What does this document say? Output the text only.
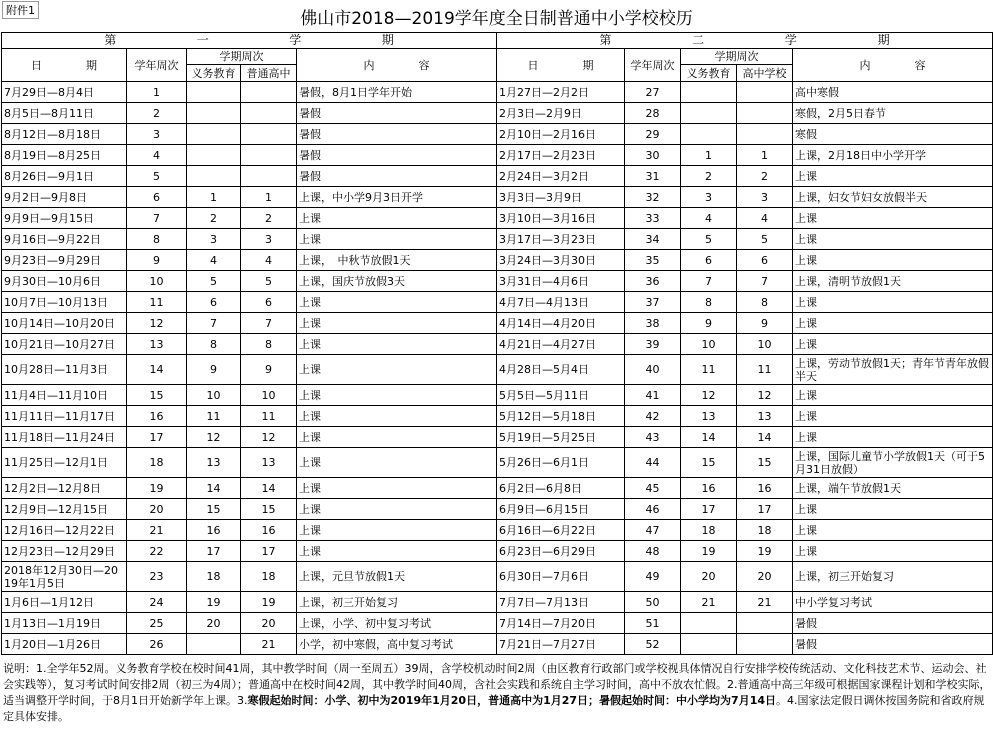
附件1	佛山市2018—2019学年度全日制普通中小学校校历
第 一 学 期					第 二 学 期				

日　　　　期	学年周次	学期周次		内　　　　容	日　　　　期	学年周次	学期周次		内　　　　容
		义务教育	普通高中				义务教育	高中学校	
7月29日—8月4日	1			暑假，8月1日学年开始	1月27日—2月2日	27			高中寒假
8月5日—8月11日	2			暑假	2月3日—2月9日	28			寒假，2月5日春节
8月12日—8月18日	3			暑假	2月10日—2月16日	29			寒假
8月19日—8月25日	4			暑假	2月17日—2月23日	30	1	1	上课，2月18日中小学开学
8月26日—9月1日	5			暑假	2月24日—3月2日	31	2	2	上课
9月2日—9月8日	6	1	1	上课，中小学9月3日开学	3月3日—3月9日	32	3	3	上课，妇女节妇女放假半天
9月9日—9月15日	7	2	2	上课	3月10日—3月16日	33	4	4	上课
9月16日—9月22日	8	3	3	上课	3月17日—3月23日	34	5	5	上课
9月23日—9月29日	9	4	4	上课，　中秋节放假1天	3月24日—3月30日	35	6	6	上课
9月30日—10月6日	10	5	5	上课，国庆节放假3天	3月31日—4月6日	36	7	7	上课，清明节放假1天
10月7日—10月13日	11	6	6	上课	4月7日—4月13日	37	8	8	上课
10月14日—10月20日	12	7	7	上课	4月14日—4月20日	38	9	9	上课
10月21日—10月27日	13	8	8	上课	4月21日—4月27日	39	10	10	上课
10月28日—11月3日	14	9	9	上课	4月28日—5月4日	40	11	11	上课，劳动节放假1天；青年节青年放假半天
11月4日—11月10日	15	10	10	上课	5月5日—5月11日	41	12	12	上课
11月11日—11月17日	16	11	11	上课	5月12日—5月18日	42	13	13	上课
11月18日—11月24日	17	12	12	上课	5月19日—5月25日	43	14	14	上课
11月25日—12月1日	18	13	13	上课	5月26日—6月1日	44	15	15	上课，国际儿童节小学放假1天（可于5月31日放假）
12月2日—12月8日	19	14	14	上课	6月2日—6月8日	45	16	16	上课，端午节放假1天
12月9日—12月15日	20	15	15	上课	6月9日—6月15日	46	17	17	上课
12月16日—12月22日	21	16	16	上课	6月16日—6月22日	47	18	18	上课
12月23日—12月29日	22	17	17	上课	6月23日—6月29日	48	19	19	上课
2018年12月30日—2019年1月5日	23	18	18	上课，元旦节放假1天	6月30日—7月6日	49	20	20	上课，初三开始复习
1月6日—1月12日	24	19	19	上课，初三开始复习	7月7日—7月13日	50	21	21	中小学复习考试
1月13日—1月19日	25	20	20	上课，小学、初中复习考试	7月14日—7月20日	51			暑假
1月20日—1月26日	26		21	小学，初中寒假，高中复习考试	7月21日—7月27日	52			暑假
说明：1.全学年52周。义务教育学校在校时间41周，其中教学时间（周一至周五）39周，含学校机动时间2周（由区教育行政部门或学校视具体情况自行安排学校传统活动、文化科技艺术节、运动会、社会实践等），复习考试时间安排2周（初三为4周）；普通高中在校时间42周，其中教学时间40周，含社会实践和系统自主学习时间，高中不放农忙假。2.普通高中高三年级可根据国家课程计划和学校实际，适当调整开学时间，于8月1日开始新学年上课。3.寒假起始时间：小学、初中为2019年1月20日，普通高中为1月27日；暑假起始时间：中小学均为7月14日。4.国家法定假日调休按国务院和省政府规定具体安排。
